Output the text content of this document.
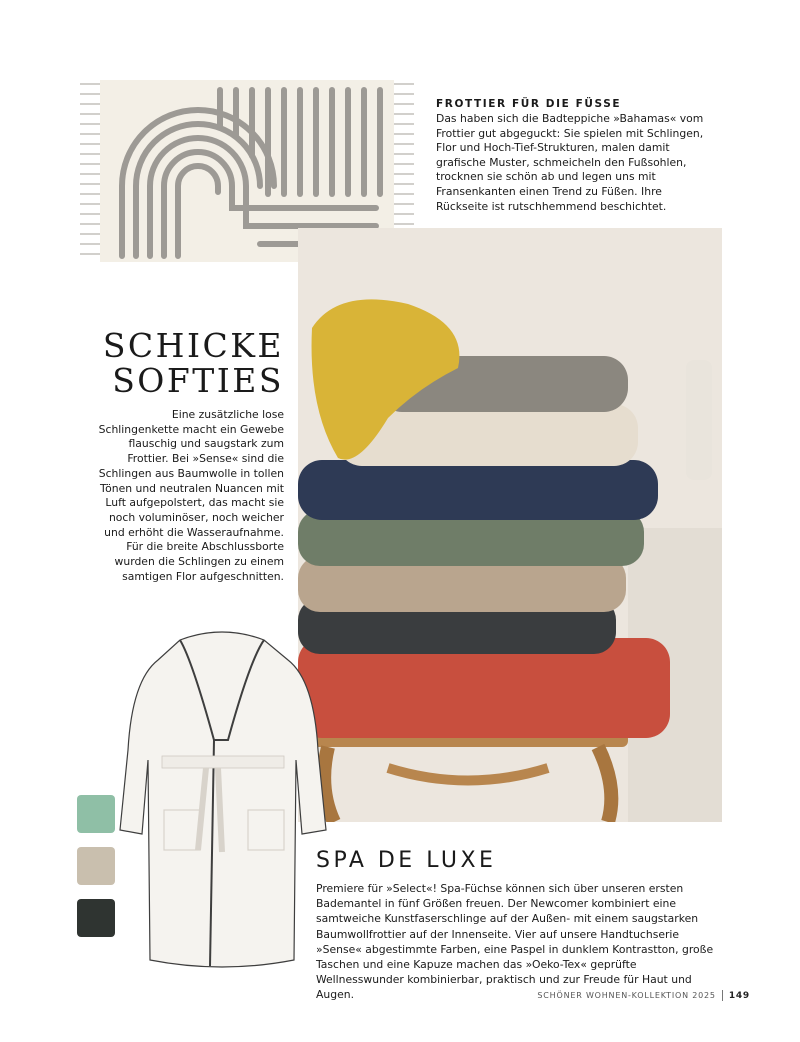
FROTTIER FÜR DIE FÜSSE

Das haben sich die Badteppiche »Bahamas« vom Frottier gut abgeguckt: Sie spielen mit Schlingen, Flor und Hoch-Tief-Strukturen, malen damit grafische Muster, schmeicheln den Fußsohlen, trocknen sie schön ab und legen uns mit Fransenkanten einen Trend zu Füßen. Ihre Rückseite ist rutschhemmend beschichtet.

SCHICKE
SOFTIES

Eine zusätzliche lose Schlingenkette macht ein Gewebe flauschig und saugstark zum Frottier. Bei »Sense« sind die Schlingen aus Baumwolle in tollen Tönen und neutralen Nuancen mit Luft aufgepolstert, das macht sie noch voluminöser, noch weicher und erhöht die Wasseraufnahme. Für die breite Abschlussborte wurden die Schlingen zu einem samtigen Flor aufgeschnitten.

SPA DE LUXE

Premiere für »Select«! Spa-Füchse können sich über unseren ersten Bademantel in fünf Größen freuen. Der Newcomer kombiniert eine samtweiche Kunstfaserschlinge auf der Außen- mit einem saugstarken Baumwollfrottier auf der Innenseite. Vier auf unsere Handtuchserie »Sense« abgestimmte Farben, eine Paspel in dunklem Kontrastton, große Taschen und eine Kapuze machen das »Oeko-Tex« geprüfte Wellnesswunder kombinierbar, praktisch und zur Freude für Haut und Augen.	SCHÖNER WOHNEN-KOLLEKTION 2025 149
